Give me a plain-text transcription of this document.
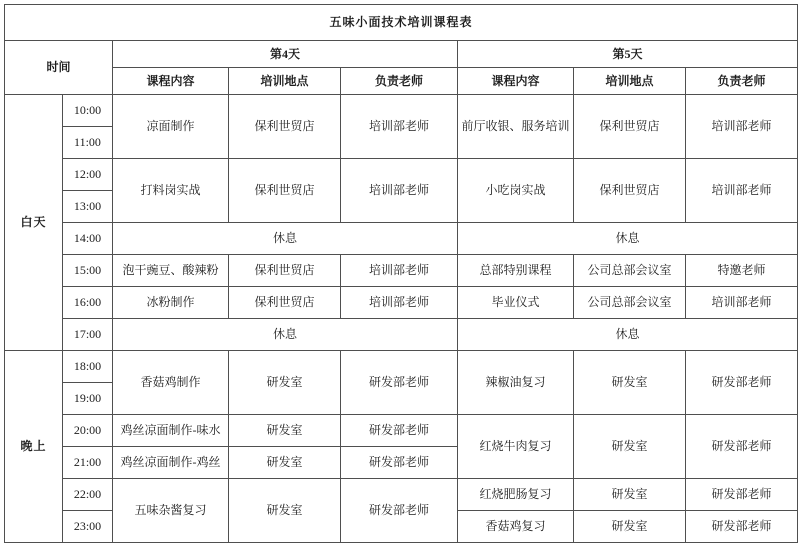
五味小面技术培训课程表							
时间		第4天			第5天		
		课程内容	培训地点	负责老师	课程内容	培训地点	负责老师
白天	10:00	凉面制作	保利世贸店	培训部老师	前厅收银、服务培训	保利世贸店	培训部老师
	11:00						
	12:00	打料岗实战	保利世贸店	培训部老师	小吃岗实战	保利世贸店	培训部老师
	13:00						
	14:00	休息			休息		
	15:00	泡干豌豆、酸辣粉	保利世贸店	培训部老师	总部特别课程	公司总部会议室	特邀老师
	16:00	冰粉制作	保利世贸店	培训部老师	毕业仪式	公司总部会议室	培训部老师
	17:00	休息			休息		
晚上	18:00	香菇鸡制作	研发室	研发部老师	辣椒油复习	研发室	研发部老师
	19:00						
	20:00	鸡丝凉面制作-味水	研发室	研发部老师	红烧牛肉复习	研发室	研发部老师
	21:00	鸡丝凉面制作-鸡丝	研发室	研发部老师			
	22:00	五味杂酱复习	研发室	研发部老师	红烧肥肠复习	研发室	研发部老师
	23:00				香菇鸡复习	研发室	研发部老师
